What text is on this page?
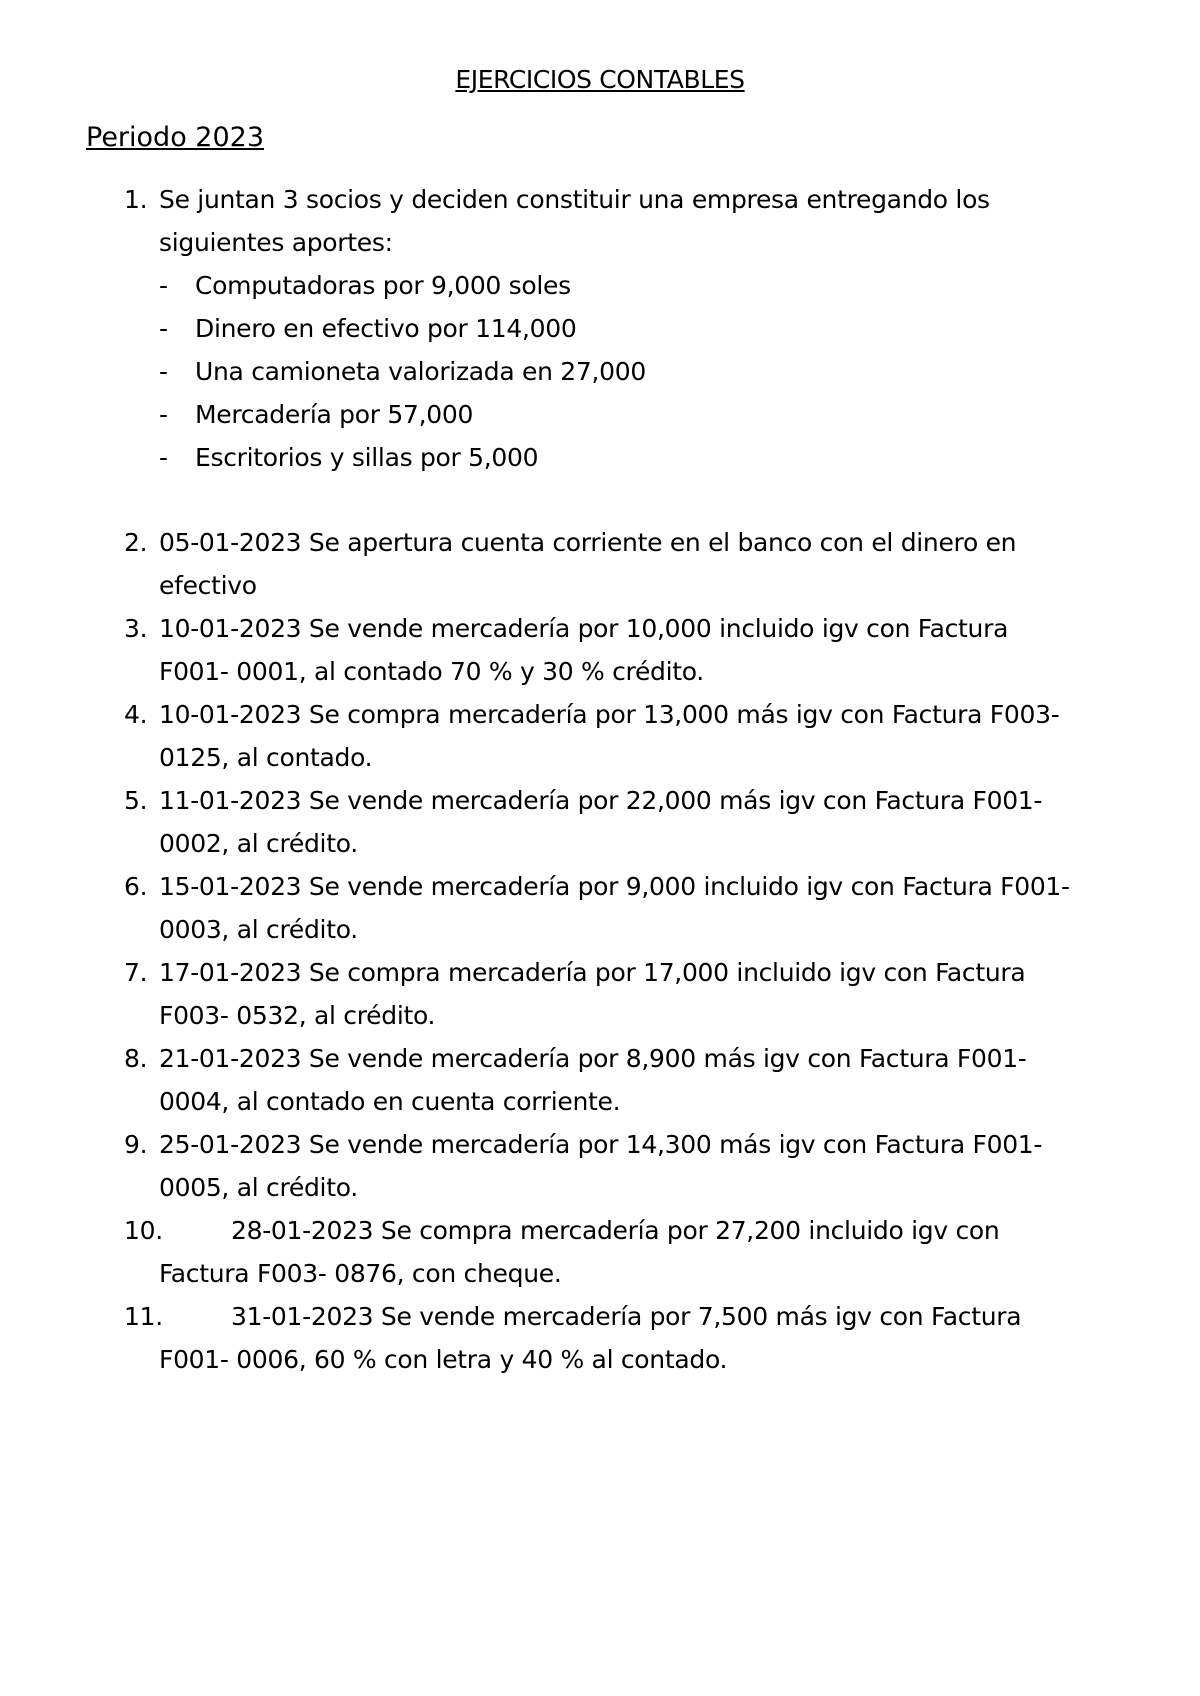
EJERCICIOS CONTABLES
Periodo 2023
1. Se juntan 3 socios y deciden constituir una empresa entregando los
siguientes aportes:
- Computadoras por 9,000 soles
- Dinero en efectivo por 114,000
- Una camioneta valorizada en 27,000
- Mercadería por 57,000
- Escritorios y sillas por 5,000
2. 05-01-2023 Se apertura cuenta corriente en el banco con el dinero en
efectivo
3. 10-01-2023 Se vende mercadería por 10,000 incluido igv con Factura
F001- 0001, al contado 70 % y 30 % crédito.
4. 10-01-2023 Se compra mercadería por 13,000 más igv con Factura F003-
0125, al contado.
5. 11-01-2023 Se vende mercadería por 22,000 más igv con Factura F001-
0002, al crédito.
6. 15-01-2023 Se vende mercadería por 9,000 incluido igv con Factura F001-
0003, al crédito.
7. 17-01-2023 Se compra mercadería por 17,000 incluido igv con Factura
F003- 0532, al crédito.
8. 21-01-2023 Se vende mercadería por 8,900 más igv con Factura F001-
0004, al contado en cuenta corriente.
9. 25-01-2023 Se vende mercadería por 14,300 más igv con Factura F001-
0005, al crédito.
10.	28-01-2023 Se compra mercadería por 27,200 incluido igv con
Factura F003- 0876, con cheque.
11.	31-01-2023 Se vende mercadería por 7,500 más igv con Factura
F001- 0006, 60 % con letra y 40 % al contado.
